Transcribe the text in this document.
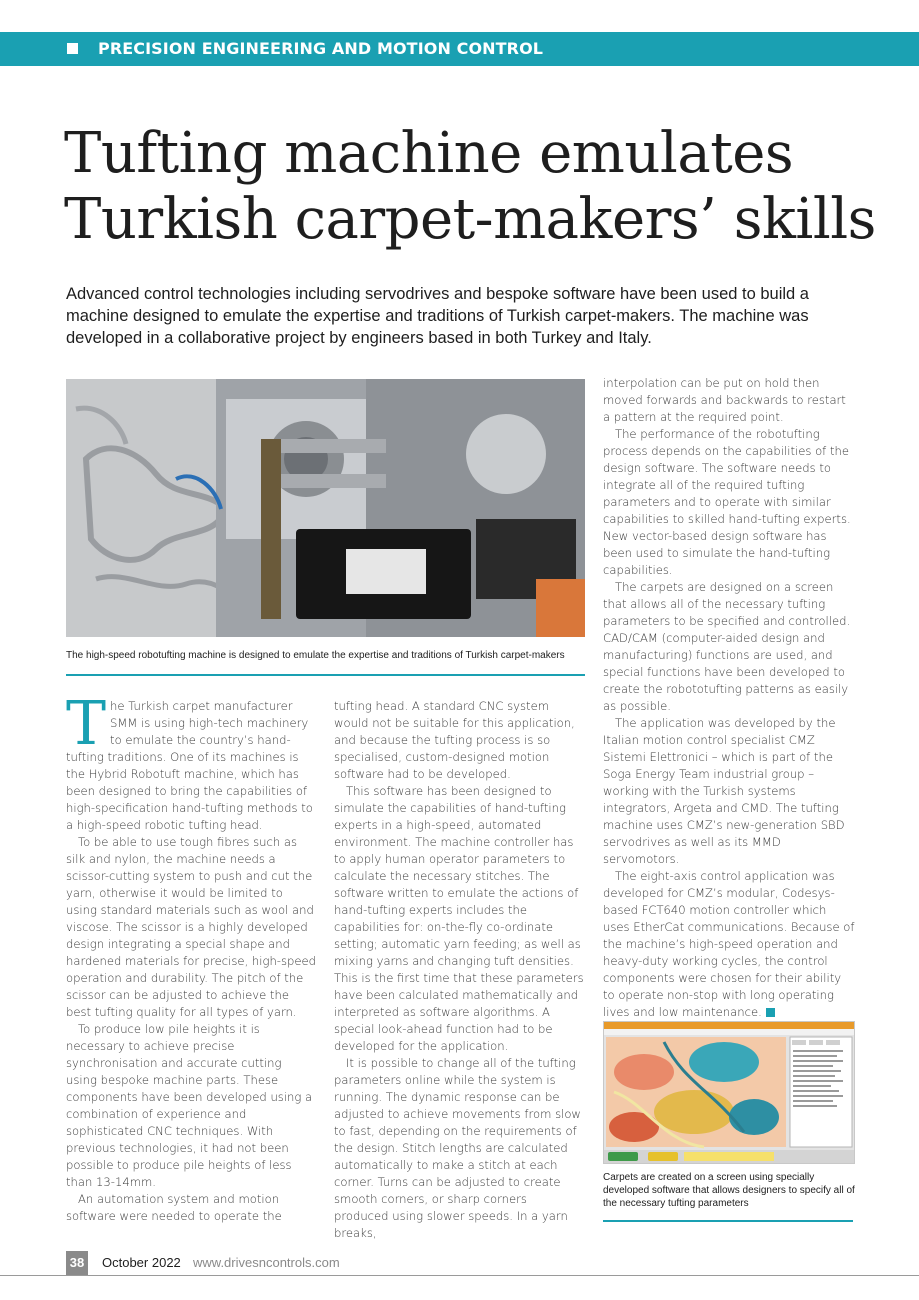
PRECISION ENGINEERING AND MOTION CONTROL
Tufting machine emulates
Turkish carpet-makers’ skills

Advanced control technologies including servodrives and bespoke software have been used to build a machine designed to emulate the expertise and traditions of Turkish carpet-makers. The machine was developed in a collaborative project by engineers based in both Turkey and Italy.

The high-speed robotufting machine is designed to emulate the expertise and traditions of Turkish carpet-makers

The Turkish carpet manufacturer SMM is using high-tech machinery to emulate the country’s hand-tufting traditions. One of its machines is the Hybrid Robotuft machine, which has been designed to bring the capabilities of high-specification hand-tufting methods to a high-speed robotic tufting head.

To be able to use tough fibres such as silk and nylon, the machine needs a scissor-cutting system to push and cut the yarn, otherwise it would be limited to using standard materials such as wool and viscose. The scissor is a highly developed design integrating a special shape and hardened materials for precise, high-speed operation and durability. The pitch of the scissor can be adjusted to achieve the best tufting quality for all types of yarn.

To produce low pile heights it is necessary to achieve precise synchronisation and accurate cutting using bespoke machine parts. These components have been developed using a combination of experience and sophisticated CNC techniques. With previous technologies, it had not been possible to produce pile heights of less than 13-14mm.

An automation system and motion software were needed to operate the

tufting head. A standard CNC system would not be suitable for this application, and because the tufting process is so specialised, custom-designed motion software had to be developed.

This software has been designed to simulate the capabilities of hand-tufting experts in a high-speed, automated environment. The machine controller has to apply human operator parameters to calculate the necessary stitches. The software written to emulate the actions of hand-tufting experts includes the capabilities for: on-the-fly co-ordinate setting; automatic yarn feeding; as well as mixing yarns and changing tuft densities. This is the first time that these parameters have been calculated mathematically and interpreted as software algorithms. A special look-ahead function had to be developed for the application.

It is possible to change all of the tufting parameters online while the system is running. The dynamic response can be adjusted to achieve movements from slow to fast, depending on the requirements of the design. Stitch lengths are calculated automatically to make a stitch at each corner. Turns can be adjusted to create smooth corners, or sharp corners produced using slower speeds. In a yarn breaks,

interpolation can be put on hold then moved forwards and backwards to restart a pattern at the required point.

The performance of the robotufting process depends on the capabilities of the design software. The software needs to integrate all of the required tufting parameters and to operate with similar capabilities to skilled hand-tufting experts. New vector-based design software has been used to simulate the hand-tufting capabilities.

The carpets are designed on a screen that allows all of the necessary tufting parameters to be specified and controlled. CAD/CAM (computer-aided design and manufacturing) functions are used, and special functions have been developed to create the robototufting patterns as easily as possible.

The application was developed by the Italian motion control specialist CMZ Sistemi Elettronici – which is part of the Soga Energy Team industrial group – working with the Turkish systems integrators, Argeta and CMD. The tufting machine uses CMZ’s new-generation SBD servodrives as well as its MMD servomotors.

The eight-axis control application was developed for CMZ’s modular, Codesys-based FCT640 motion controller which uses EtherCat communications. Because of the machine’s high-speed operation and heavy-duty working cycles, the control components were chosen for their ability to operate non-stop with long operating lives and low maintenance.

Carpets are created on a screen using specially developed software that allows designers to specify all of the necessary tufting parameters

38 October 2022 www.drivesncontrols.com
